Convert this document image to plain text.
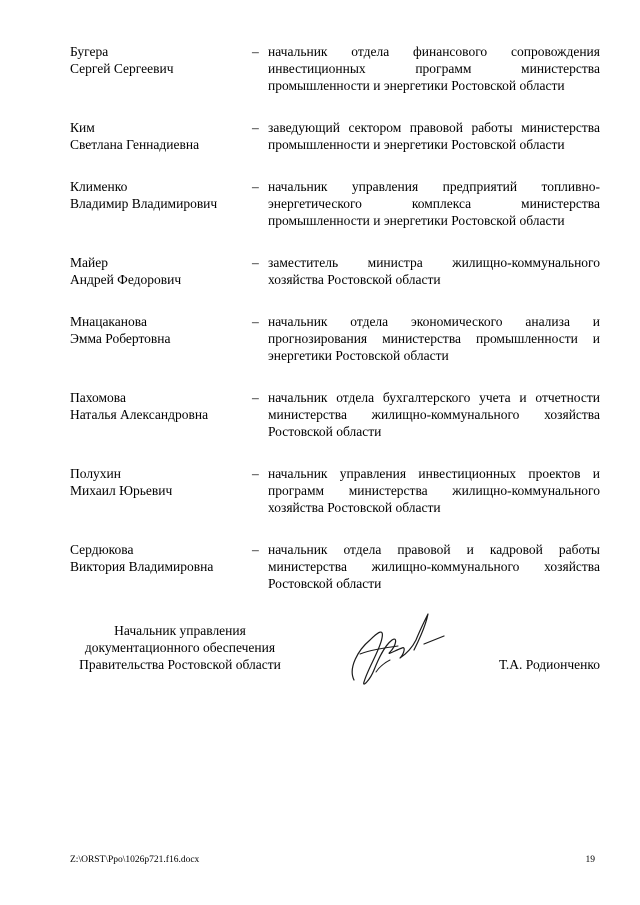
Бугера
Сергей Сергеевич
– начальник отдела финансового сопровождения инвестиционных программ министерства промышленности и энергетики Ростовской области
Ким
Светлана Геннадиевна
– заведующий сектором правовой работы министерства промышленности и энергетики Ростовской области
Клименко
Владимир Владимирович
– начальник управления предприятий топливно-энергетического комплекса министерства промышленности и энергетики Ростовской области
Майер
Андрей Федорович
– заместитель министра жилищно-коммунального хозяйства Ростовской области
Мнацаканова
Эмма Робертовна
– начальник отдела экономического анализа и прогнозирования министерства промышленности и энергетики Ростовской области
Пахомова
Наталья Александровна
– начальник отдела бухгалтерского учета и отчетности министерства жилищно-коммунального хозяйства Ростовской области
Полухин
Михаил Юрьевич
– начальник управления инвестиционных проектов и программ министерства жилищно-коммунального хозяйства Ростовской области
Сердюкова
Виктория Владимировна
– начальник отдела правовой и кадровой работы министерства жилищно-коммунального хозяйства Ростовской области
Начальник управления
документационного обеспечения
Правительства Ростовской области	Т.А. Родионченко
Z:\ORST\Ppo\1026p721.f16.docx	19
